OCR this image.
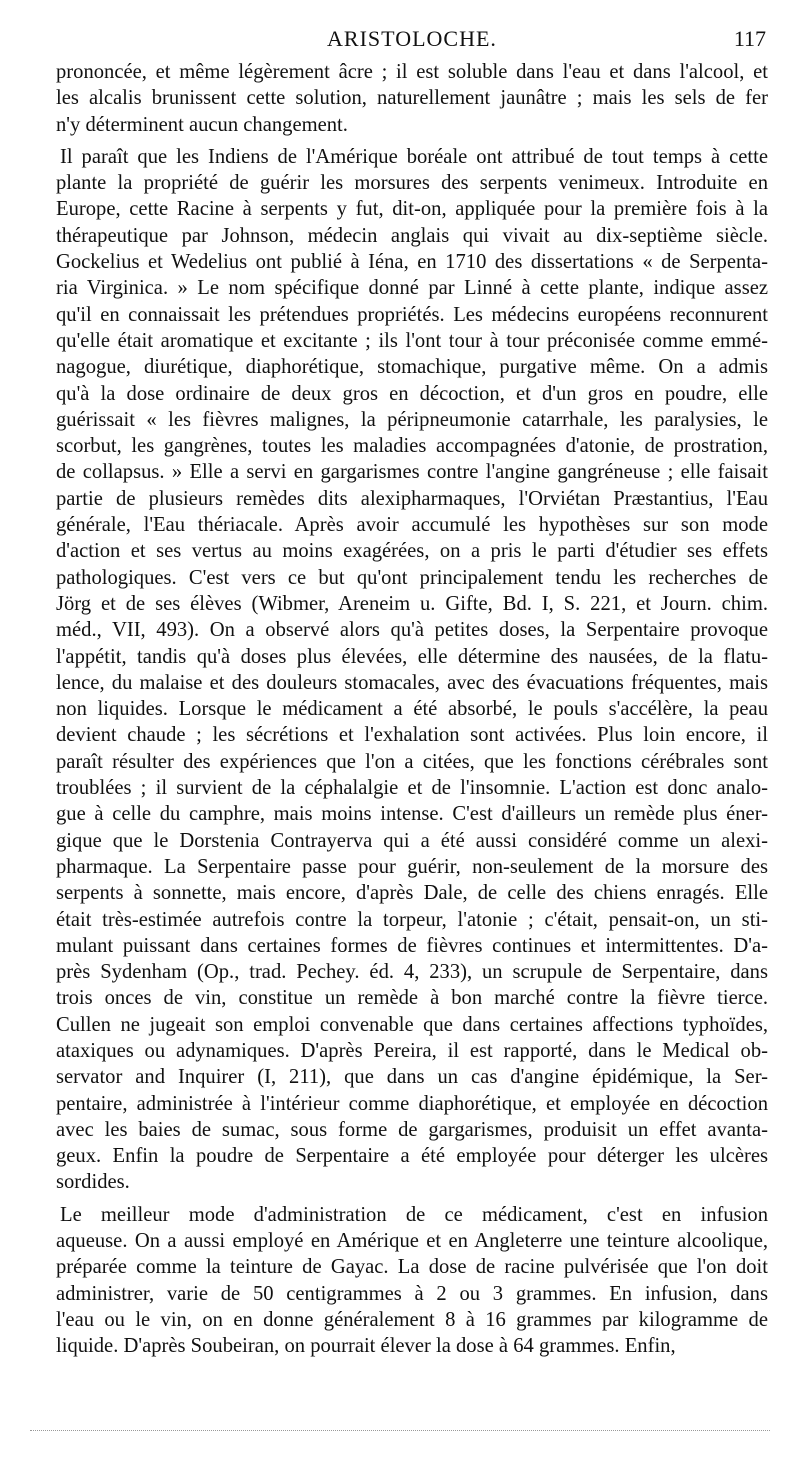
ARISTOLOCHE.	117
prononcée, et même légèrement âcre ; il est soluble dans l'eau et dans l'alcool, et
les alcalis brunissent cette solution, naturellement jaunâtre ; mais les sels de fer
n'y déterminent aucun changement.
Il paraît que les Indiens de l'Amérique boréale ont attribué de tout temps à cette
plante la propriété de guérir les morsures des serpents venimeux. Introduite en
Europe, cette Racine à serpents y fut, dit-on, appliquée pour la première fois à la
thérapeutique par Johnson, médecin anglais qui vivait au dix-septième siècle.
Gockelius et Wedelius ont publié à Iéna, en 1710 des dissertations « de Serpenta-
ria Virginica. » Le nom spécifique donné par Linné à cette plante, indique assez
qu'il en connaissait les prétendues propriétés. Les médecins européens reconnurent
qu'elle était aromatique et excitante ; ils l'ont tour à tour préconisée comme emmé-
nagogue, diurétique, diaphorétique, stomachique, purgative même. On a admis
qu'à la dose ordinaire de deux gros en décoction, et d'un gros en poudre, elle
guérissait « les fièvres malignes, la péripneumonie catarrhale, les paralysies, le
scorbut, les gangrènes, toutes les maladies accompagnées d'atonie, de prostration,
de collapsus. » Elle a servi en gargarismes contre l'angine gangréneuse ; elle faisait
partie de plusieurs remèdes dits alexipharmaques, l'Orviétan Præstantius, l'Eau
générale, l'Eau thériacale. Après avoir accumulé les hypothèses sur son mode
d'action et ses vertus au moins exagérées, on a pris le parti d'étudier ses effets
pathologiques. C'est vers ce but qu'ont principalement tendu les recherches de
Jörg et de ses élèves (Wibmer, Areneim u. Gifte, Bd. I, S. 221, et Journ. chim.
méd., VII, 493). On a observé alors qu'à petites doses, la Serpentaire provoque
l'appétit, tandis qu'à doses plus élevées, elle détermine des nausées, de la flatu-
lence, du malaise et des douleurs stomacales, avec des évacuations fréquentes, mais
non liquides. Lorsque le médicament a été absorbé, le pouls s'accélère, la peau
devient chaude ; les sécrétions et l'exhalation sont activées. Plus loin encore, il
paraît résulter des expériences que l'on a citées, que les fonctions cérébrales sont
troublées ; il survient de la céphalalgie et de l'insomnie. L'action est donc analo-
gue à celle du camphre, mais moins intense. C'est d'ailleurs un remède plus éner-
gique que le Dorstenia Contrayerva qui a été aussi considéré comme un alexi-
pharmaque. La Serpentaire passe pour guérir, non-seulement de la morsure des
serpents à sonnette, mais encore, d'après Dale, de celle des chiens enragés. Elle
était très-estimée autrefois contre la torpeur, l'atonie ; c'était, pensait-on, un sti-
mulant puissant dans certaines formes de fièvres continues et intermittentes. D'a-
près Sydenham (Op., trad. Pechey. éd. 4, 233), un scrupule de Serpentaire, dans
trois onces de vin, constitue un remède à bon marché contre la fièvre tierce.
Cullen ne jugeait son emploi convenable que dans certaines affections typhoïdes,
ataxiques ou adynamiques. D'après Pereira, il est rapporté, dans le Medical ob-
servator and Inquirer (I, 211), que dans un cas d'angine épidémique, la Ser-
pentaire, administrée à l'intérieur comme diaphorétique, et employée en décoction
avec les baies de sumac, sous forme de gargarismes, produisit un effet avanta-
geux. Enfin la poudre de Serpentaire a été employée pour déterger les ulcères
sordides.
Le meilleur mode d'administration de ce médicament, c'est en infusion
aqueuse. On a aussi employé en Amérique et en Angleterre une teinture alcoolique,
préparée comme la teinture de Gayac. La dose de racine pulvérisée que l'on doit
administrer, varie de 50 centigrammes à 2 ou 3 grammes. En infusion, dans
l'eau ou le vin, on en donne généralement 8 à 16 grammes par kilogramme de
liquide. D'après Soubeiran, on pourrait élever la dose à 64 grammes. Enfin,
